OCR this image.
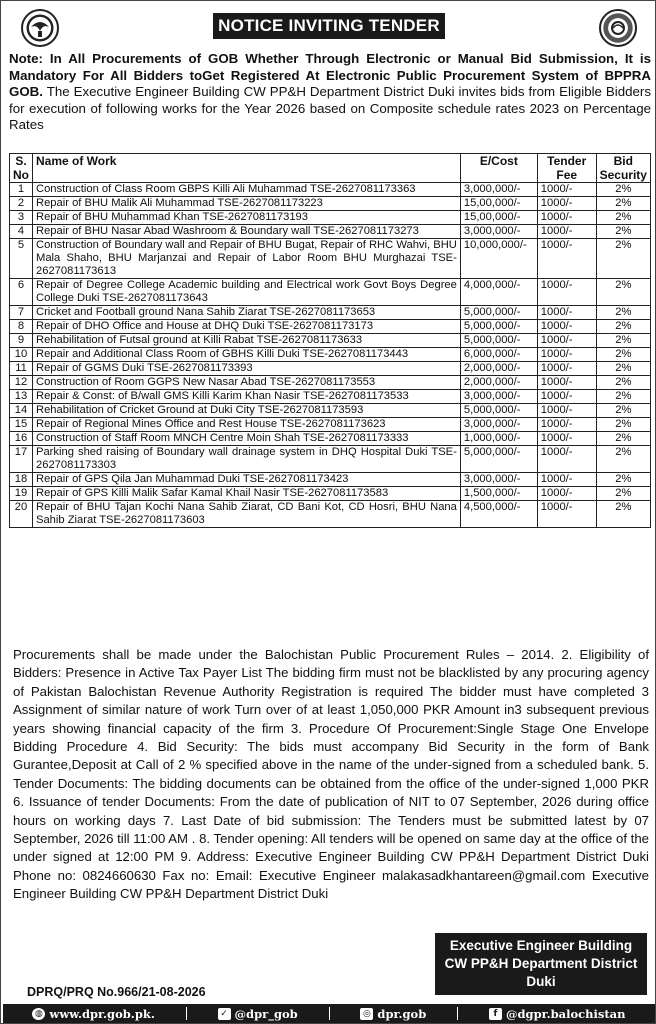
NOTICE INVITING TENDER

Note: In All Procurements of GOB Whether Through Electronic or Manual Bid Submission, It is Mandatory For All Bidders toGet Registered At Electronic Public Procurement System of BPPRA GOB. The Executive Engineer Building CW PP&H Department District Duki invites bids from Eligible Bidders for execution of following works for the Year 2026 based on Composite schedule rates 2023 on Percentage Rates

S. No	Name of Work	E/Cost	Tender Fee	Bid Security
1	Construction of Class Room GBPS Killi Ali Muhammad TSE-2627081173363	3,000,000/-	1000/-	2%
2	Repair of BHU Malik Ali Muhammad TSE-2627081173223	15,00,000/-	1000/-	2%
3	Repair of BHU Muhammad Khan TSE-2627081173193	15,00,000/-	1000/-	2%
4	Repair of BHU Nasar Abad Washroom & Boundary wall TSE-2627081173273	3,000,000/-	1000/-	2%
5	Construction of Boundary wall and Repair of BHU Bugat, Repair of RHC Wahvi, BHU Mala Shaho, BHU Marjanzai and Repair of Labor Room BHU Murghazai TSE-2627081173613	10,000,000/-	1000/-	2%
6	Repair of Degree College Academic building and Electrical work Govt Boys Degree College Duki TSE-2627081173643	4,000,000/-	1000/-	2%
7	Cricket and Football ground Nana Sahib Ziarat TSE-2627081173653	5,000,000/-	1000/-	2%
8	Repair of DHO Office and House at DHQ Duki TSE-2627081173173	5,000,000/-	1000/-	2%
9	Rehabilitation of Futsal ground at Killi Rabat TSE-2627081173633	5,000,000/-	1000/-	2%
10	Repair and Additional Class Room of GBHS Killi Duki TSE-2627081173443	6,000,000/-	1000/-	2%
11	Repair of GGMS Duki TSE-2627081173393	2,000,000/-	1000/-	2%
12	Construction of Room GGPS New Nasar Abad TSE-2627081173553	2,000,000/-	1000/-	2%
13	Repair & Const: of B/wall GMS Killi Karim Khan Nasir TSE-2627081173533	3,000,000/-	1000/-	2%
14	Rehabilitation of Cricket Ground at Duki City TSE-2627081173593	5,000,000/-	1000/-	2%
15	Repair of Regional Mines Office and Rest House TSE-2627081173623	3,000,000/-	1000/-	2%
16	Construction of Staff Room MNCH Centre Moin Shah TSE-2627081173333	1,000,000/-	1000/-	2%
17	Parking shed raising of Boundary wall drainage system in DHQ Hospital Duki TSE-2627081173303	5,000,000/-	1000/-	2%
18	Repair of GPS Qila Jan Muhammad Duki TSE-2627081173423	3,000,000/-	1000/-	2%
19	Repair of GPS Killi Malik Safar Kamal Khail Nasir TSE-2627081173583	1,500,000/-	1000/-	2%
20	Repair of BHU Tajan Kochi Nana Sahib Ziarat, CD Bani Kot, CD Hosri, BHU Nana Sahib Ziarat TSE-2627081173603	4,500,000/-	1000/-	2%

Procurements shall be made under the Balochistan Public Procurement Rules – 2014. 2. Eligibility of Bidders: Presence in Active Tax Payer List The bidding firm must not be blacklisted by any procuring agency of Pakistan Balochistan Revenue Authority Registration is required The bidder must have completed 3 Assignment of similar nature of work Turn over of at least 1,050,000 PKR Amount in3 subsequent previous years showing financial capacity of the firm 3. Procedure Of Procurement:Single Stage One Envelope Bidding Procedure 4. Bid Security: The bids must accompany Bid Security in the form of Bank Gurantee,Deposit at Call of 2 % specified above in the name of the under-signed from a scheduled bank. 5. Tender Documents: The bidding documents can be obtained from the office of the under-signed 1,000 PKR 6. Issuance of tender Documents: From the date of publication of NIT to 07 September, 2026 during office hours on working days 7. Last Date of bid submission: The Tenders must be submitted latest by 07 September, 2026 till 11:00 AM . 8. Tender opening: All tenders will be opened on same day at the office of the under signed at 12:00 PM 9. Address: Executive Engineer Building CW PP&H Department District Duki Phone no: 0824660630 Fax no: Email: Executive Engineer malakasadkhantareen@gmail.com Executive Engineer Building CW PP&H Department District Duki

Executive Engineer Building
CW PP&H Department District
Duki
DPRQ/PRQ No.966/21-08-2026
◍ www.dpr.gob.pk.	✓ @dpr_gob	◎ dpr.gob	f @dgpr.balochistan
